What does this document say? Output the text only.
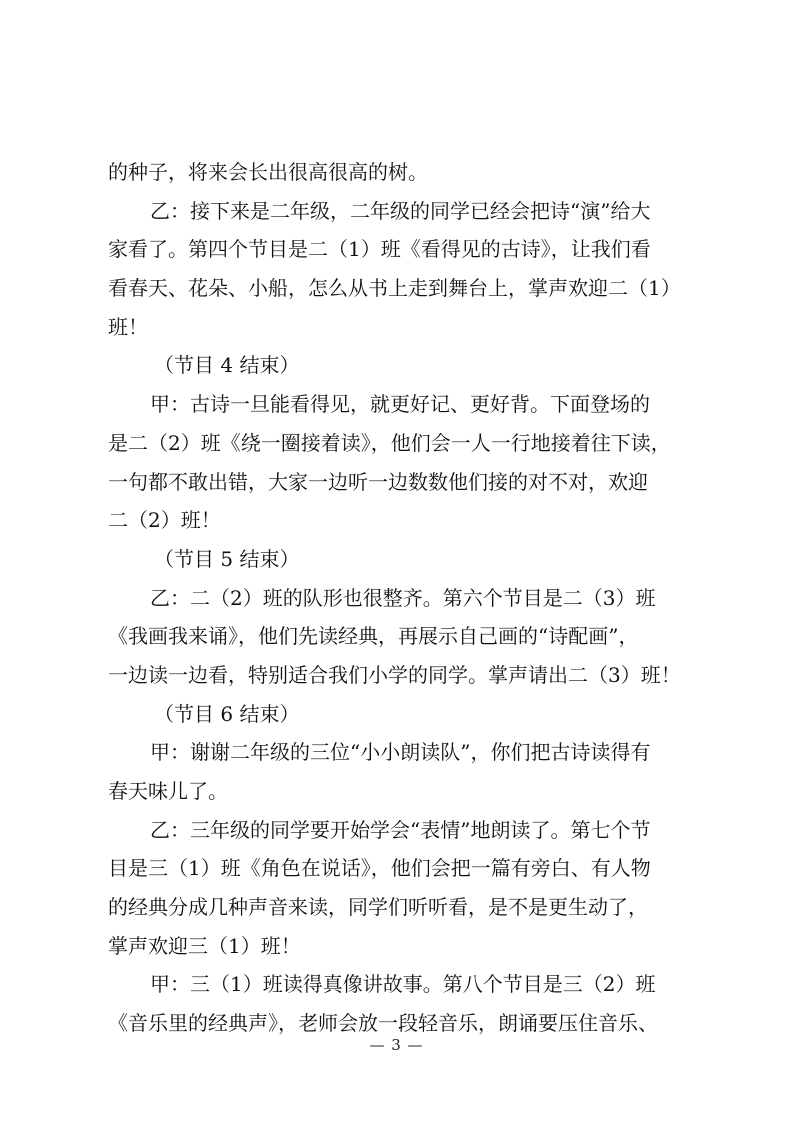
的种子，将来会长出很高很高的树。
乙：接下来是二年级，二年级的同学已经会把诗“演”给大
家看了。第四个节目是二（1）班《看得见的古诗》，让我们看
看春天、花朵、小船，怎么从书上走到舞台上，掌声欢迎二（1）
班！
（节目 4 结束）
甲：古诗一旦能看得见，就更好记、更好背。下面登场的
是二（2）班《绕一圈接着读》，他们会一人一行地接着往下读，
一句都不敢出错，大家一边听一边数数他们接的对不对，欢迎
二（2）班！
（节目 5 结束）
乙：二（2）班的队形也很整齐。第六个节目是二（3）班
《我画我来诵》，他们先读经典，再展示自己画的“诗配画”，
一边读一边看，特别适合我们小学的同学。掌声请出二（3）班！
（节目 6 结束）
甲：谢谢二年级的三位“小小朗读队”，你们把古诗读得有
春天味儿了。
乙：三年级的同学要开始学会“表情”地朗读了。第七个节
目是三（1）班《角色在说话》，他们会把一篇有旁白、有人物
的经典分成几种声音来读，同学们听听看，是不是更生动了，
掌声欢迎三（1）班！
甲：三（1）班读得真像讲故事。第八个节目是三（2）班
《音乐里的经典声》，老师会放一段轻音乐，朗诵要压住音乐、
— 3 —
